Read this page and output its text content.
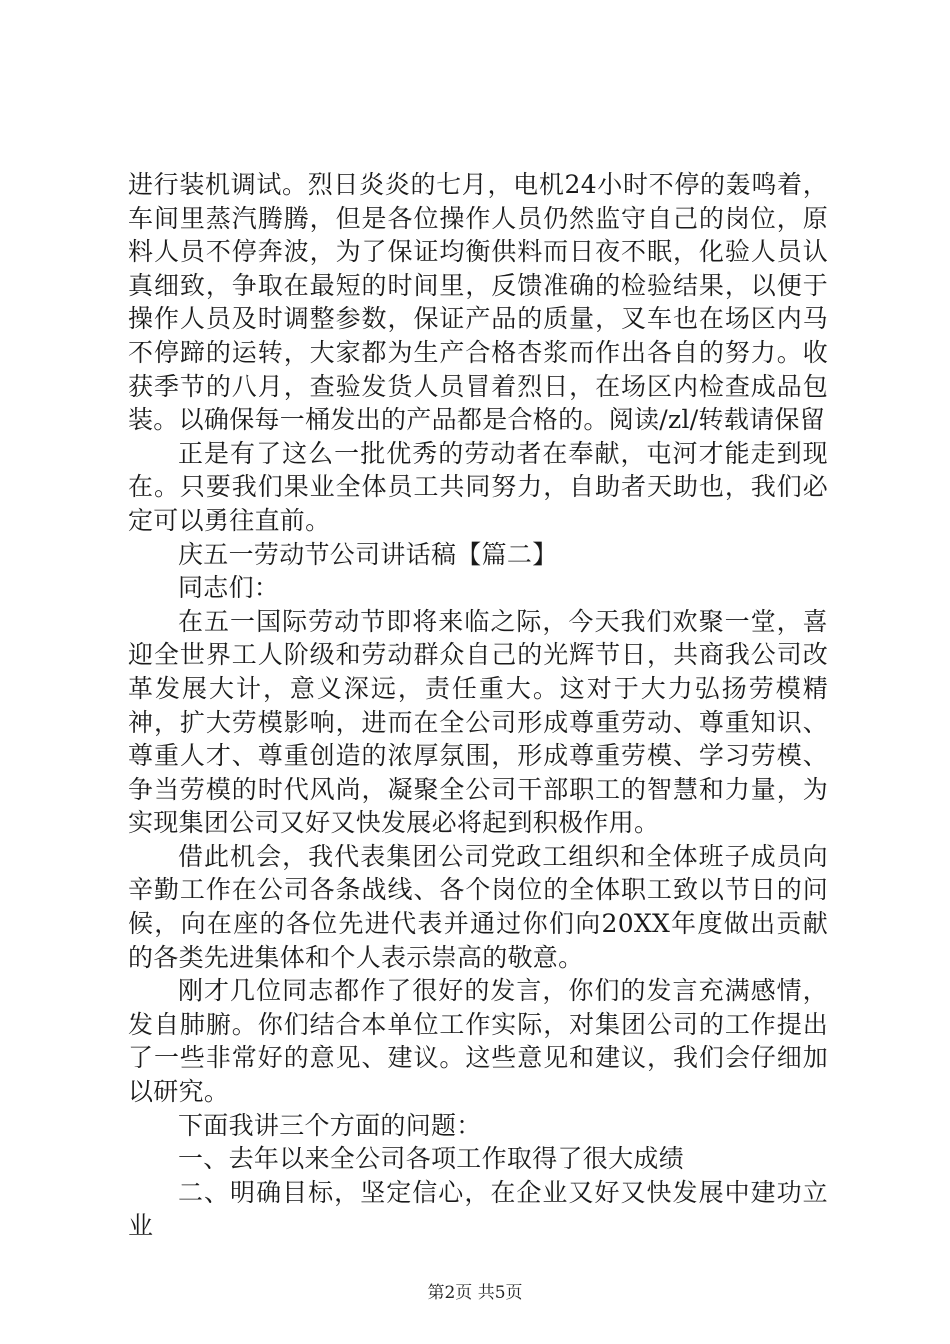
进行装机调试。烈日炎炎的七月，电机24小时不停的轰鸣着，车间里蒸汽腾腾，但是各位操作人员仍然监守自己的岗位，原料人员不停奔波，为了保证均衡供料而日夜不眠，化验人员认真细致，争取在最短的时间里，反馈准确的检验结果，以便于操作人员及时调整参数，保证产品的质量，叉车也在场区内马不停蹄的运转，大家都为生产合格杏浆而作出各自的努力。收获季节的八月，查验发货人员冒着烈日，在场区内检查成品包装。以确保每一桶发出的产品都是合格的。阅读/zl/转载请保留

正是有了这么一批优秀的劳动者在奉献，屯河才能走到现在。只要我们果业全体员工共同努力，自助者天助也，我们必定可以勇往直前。

庆五一劳动节公司讲话稿【篇二】

同志们：

在五一国际劳动节即将来临之际，今天我们欢聚一堂，喜迎全世界工人阶级和劳动群众自己的光辉节日，共商我公司改革发展大计，意义深远，责任重大。这对于大力弘扬劳模精神，扩大劳模影响，进而在全公司形成尊重劳动、尊重知识、尊重人才、尊重创造的浓厚氛围，形成尊重劳模、学习劳模、争当劳模的时代风尚，凝聚全公司干部职工的智慧和力量，为实现集团公司又好又快发展必将起到积极作用。

借此机会，我代表集团公司党政工组织和全体班子成员向辛勤工作在公司各条战线、各个岗位的全体职工致以节日的问候，向在座的各位先进代表并通过你们向20XX年度做出贡献的各类先进集体和个人表示崇高的敬意。

刚才几位同志都作了很好的发言，你们的发言充满感情，发自肺腑。你们结合本单位工作实际，对集团公司的工作提出了一些非常好的意见、建议。这些意见和建议，我们会仔细加以研究。

下面我讲三个方面的问题：

一、去年以来全公司各项工作取得了很大成绩

二、明确目标，坚定信心，在企业又好又快发展中建功立业

第2页 共5页
